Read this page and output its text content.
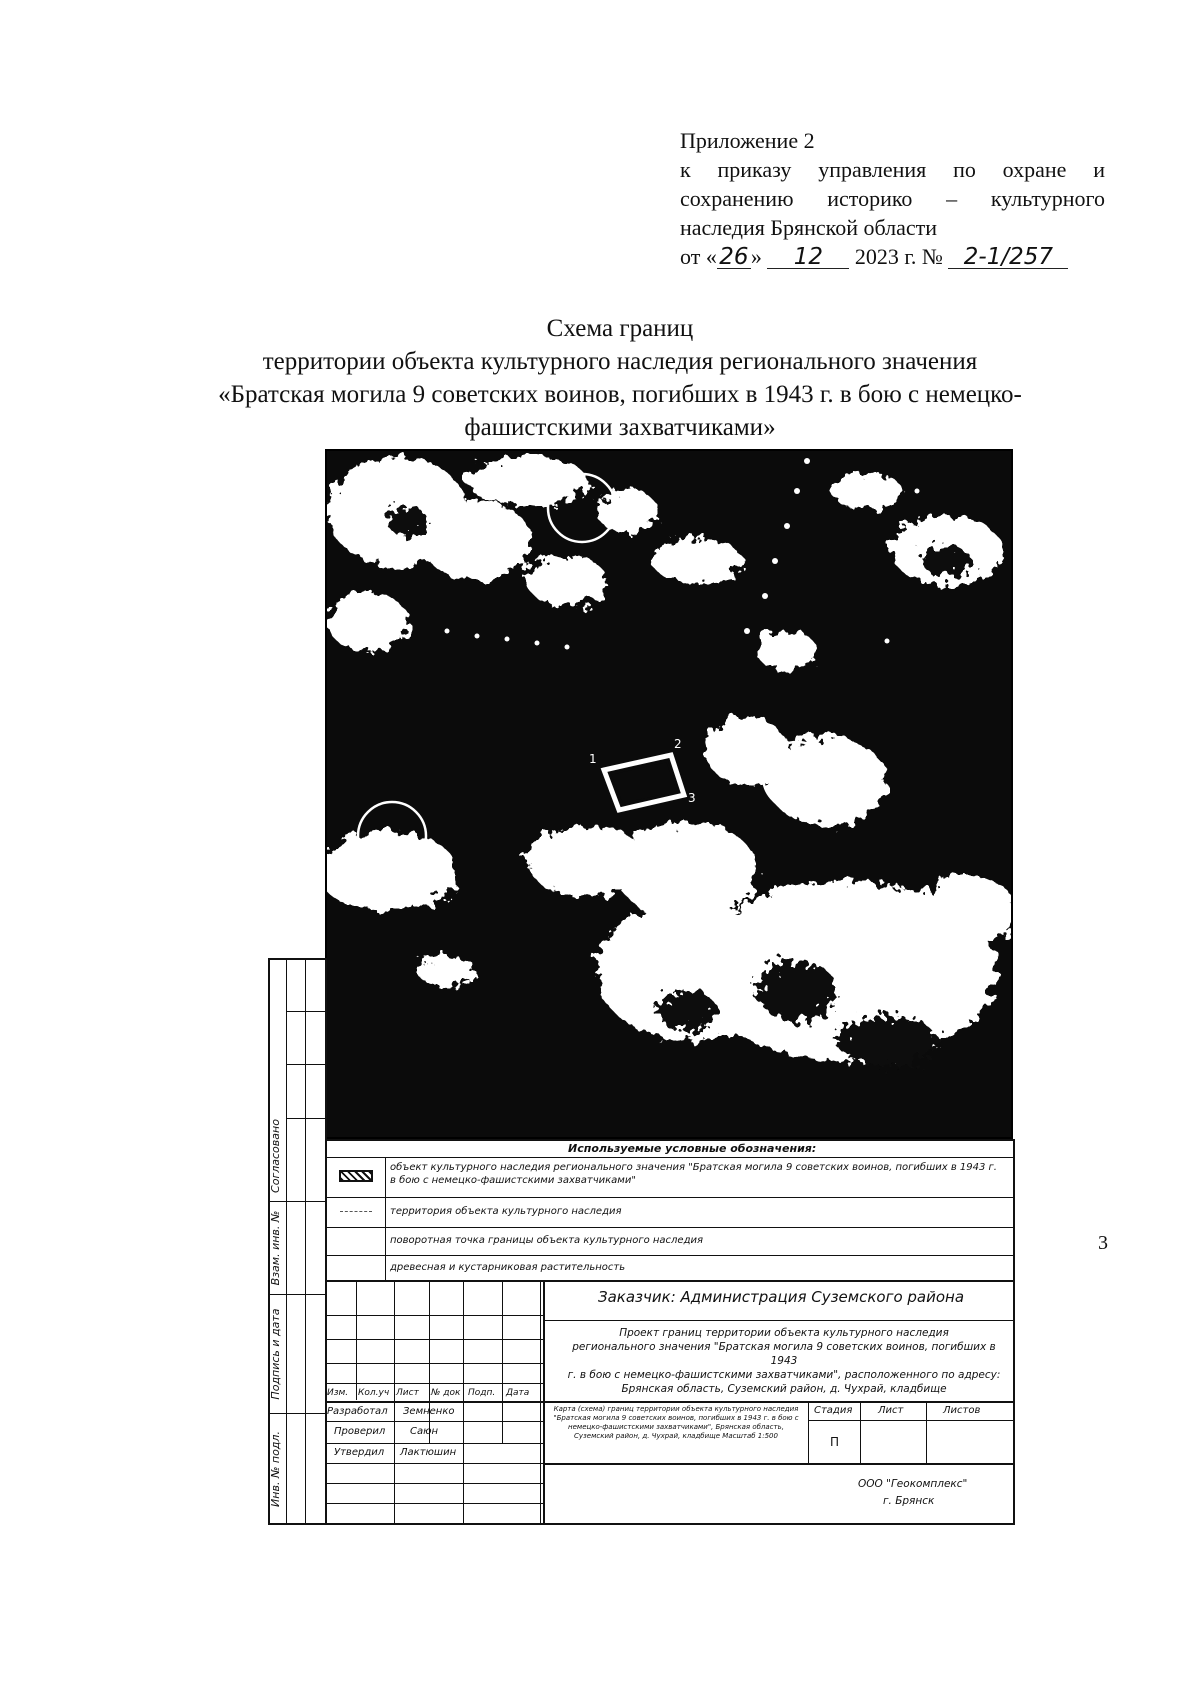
Приложение 2
к приказу управления по охране и
сохранению историко – культурного
наследия Брянской области
от « 26 » 12 2023 г. № 2-1/257
Схема границ
территории объекта культурного наследия регионального значения
«Братская могила 9 советских воинов, погибших в 1943 г. в бою с немецко-
фашистскими захватчиками»
1
2
3
Согласовано
Взам. инв. №
Подпись и дата
Инв. № подл.
Используемые условные обозначения:
объект культурного наследия регионального значения "Братская могила 9 советских воинов, погибших в 1943 г. в бою с немецко-фашистскими захватчиками"
территория объекта культурного наследия
поворотная точка границы объекта культурного наследия
древесная и кустарниковая растительность
Заказчик: Администрация Суземского района
Проект границ территории объекта культурного наследия
регионального значения "Братская могила 9 советских воинов, погибших в 1943
г. в бою с немецко-фашистскими захватчиками", расположенного по адресу:
Брянская область, Суземский район, д. Чухрай, кладбище
Изм. Кол.уч Лист № док Подп. Дата
Разработал Земненко
Проверил Саюн
Утвердил Лактюшин
Карта (схема) границ территории объекта культурного наследия "Братская могила 9 советских воинов, погибших в 1943 г. в бою с немецко-фашистскими захватчиками", Брянская область, Суземский район, д. Чухрай, кладбище Масштаб 1:500
Стадия	Лист	Листов
П
ООО "Геокомплекс"
г. Брянск
3
